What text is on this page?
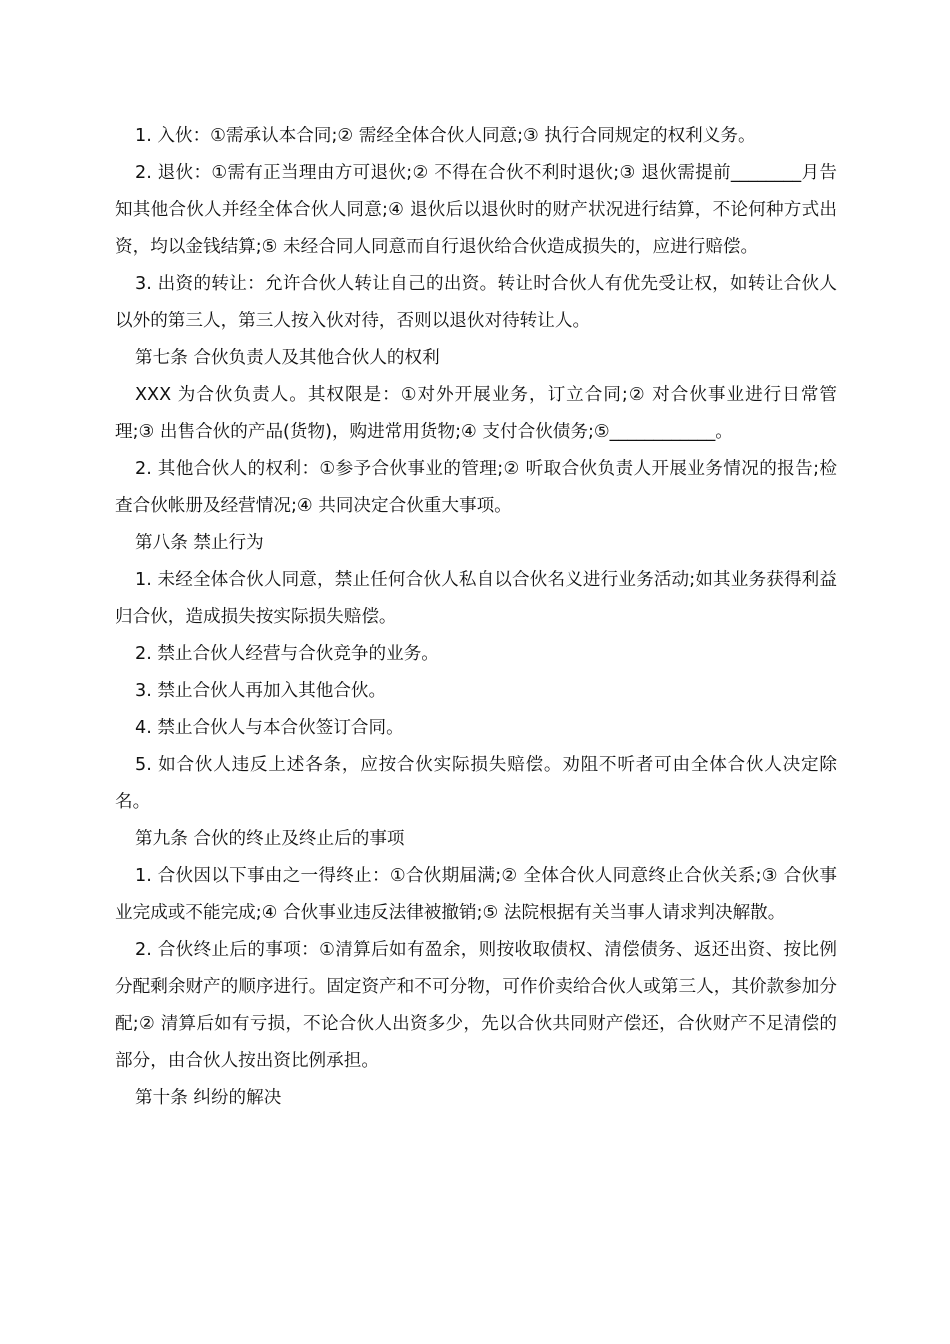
1. 入伙：①需承认本合同;② 需经全体合伙人同意;③ 执行合同规定的权利义务。

2. 退伙：①需有正当理由方可退伙;② 不得在合伙不利时退伙;③ 退伙需提前________月告知其他合伙人并经全体合伙人同意;④ 退伙后以退伙时的财产状况进行结算，不论何种方式出资，均以金钱结算;⑤ 未经合同人同意而自行退伙给合伙造成损失的，应进行赔偿。

3. 出资的转让：允许合伙人转让自己的出资。转让时合伙人有优先受让权，如转让合伙人以外的第三人，第三人按入伙对待，否则以退伙对待转让人。

第七条 合伙负责人及其他合伙人的权利

XXX 为合伙负责人。其权限是：①对外开展业务，订立合同;② 对合伙事业进行日常管理;③ 出售合伙的产品(货物)，购进常用货物;④ 支付合伙债务;⑤____________。

2. 其他合伙人的权利：①参予合伙事业的管理;② 听取合伙负责人开展业务情况的报告;检查合伙帐册及经营情况;④ 共同决定合伙重大事项。

第八条 禁止行为

1. 未经全体合伙人同意，禁止任何合伙人私自以合伙名义进行业务活动;如其业务获得利益归合伙，造成损失按实际损失赔偿。

2. 禁止合伙人经营与合伙竞争的业务。

3. 禁止合伙人再加入其他合伙。

4. 禁止合伙人与本合伙签订合同。

5. 如合伙人违反上述各条，应按合伙实际损失赔偿。劝阻不听者可由全体合伙人决定除名。

第九条 合伙的终止及终止后的事项

1. 合伙因以下事由之一得终止：①合伙期届满;② 全体合伙人同意终止合伙关系;③ 合伙事业完成或不能完成;④ 合伙事业违反法律被撤销;⑤ 法院根据有关当事人请求判决解散。

2. 合伙终止后的事项：①清算后如有盈余，则按收取债权、清偿债务、返还出资、按比例分配剩余财产的顺序进行。固定资产和不可分物，可作价卖给合伙人或第三人，其价款参加分配;② 清算后如有亏损，不论合伙人出资多少，先以合伙共同财产偿还，合伙财产不足清偿的部分，由合伙人按出资比例承担。

第十条 纠纷的解决
